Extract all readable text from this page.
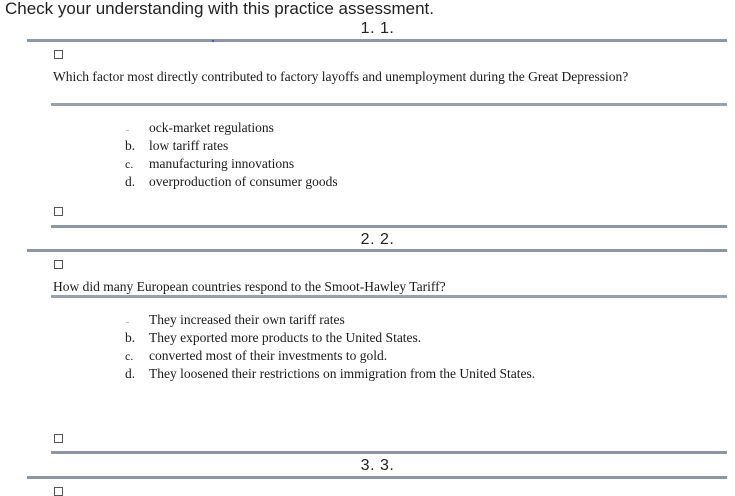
Check your understanding with this practice assessment.
1. 1.
Which factor most directly contributed to factory layoffs and unemployment during the Great Depression?
ock-market regulations
b. low tariff rates
c. manufacturing innovations
d. overproduction of consumer goods
2. 2.
How did many European countries respond to the Smoot-Hawley Tariff?
They increased their own tariff rates
b. They exported more products to the United States.
c. converted most of their investments to gold.
d. They loosened their restrictions on immigration from the United States.
3. 3.
